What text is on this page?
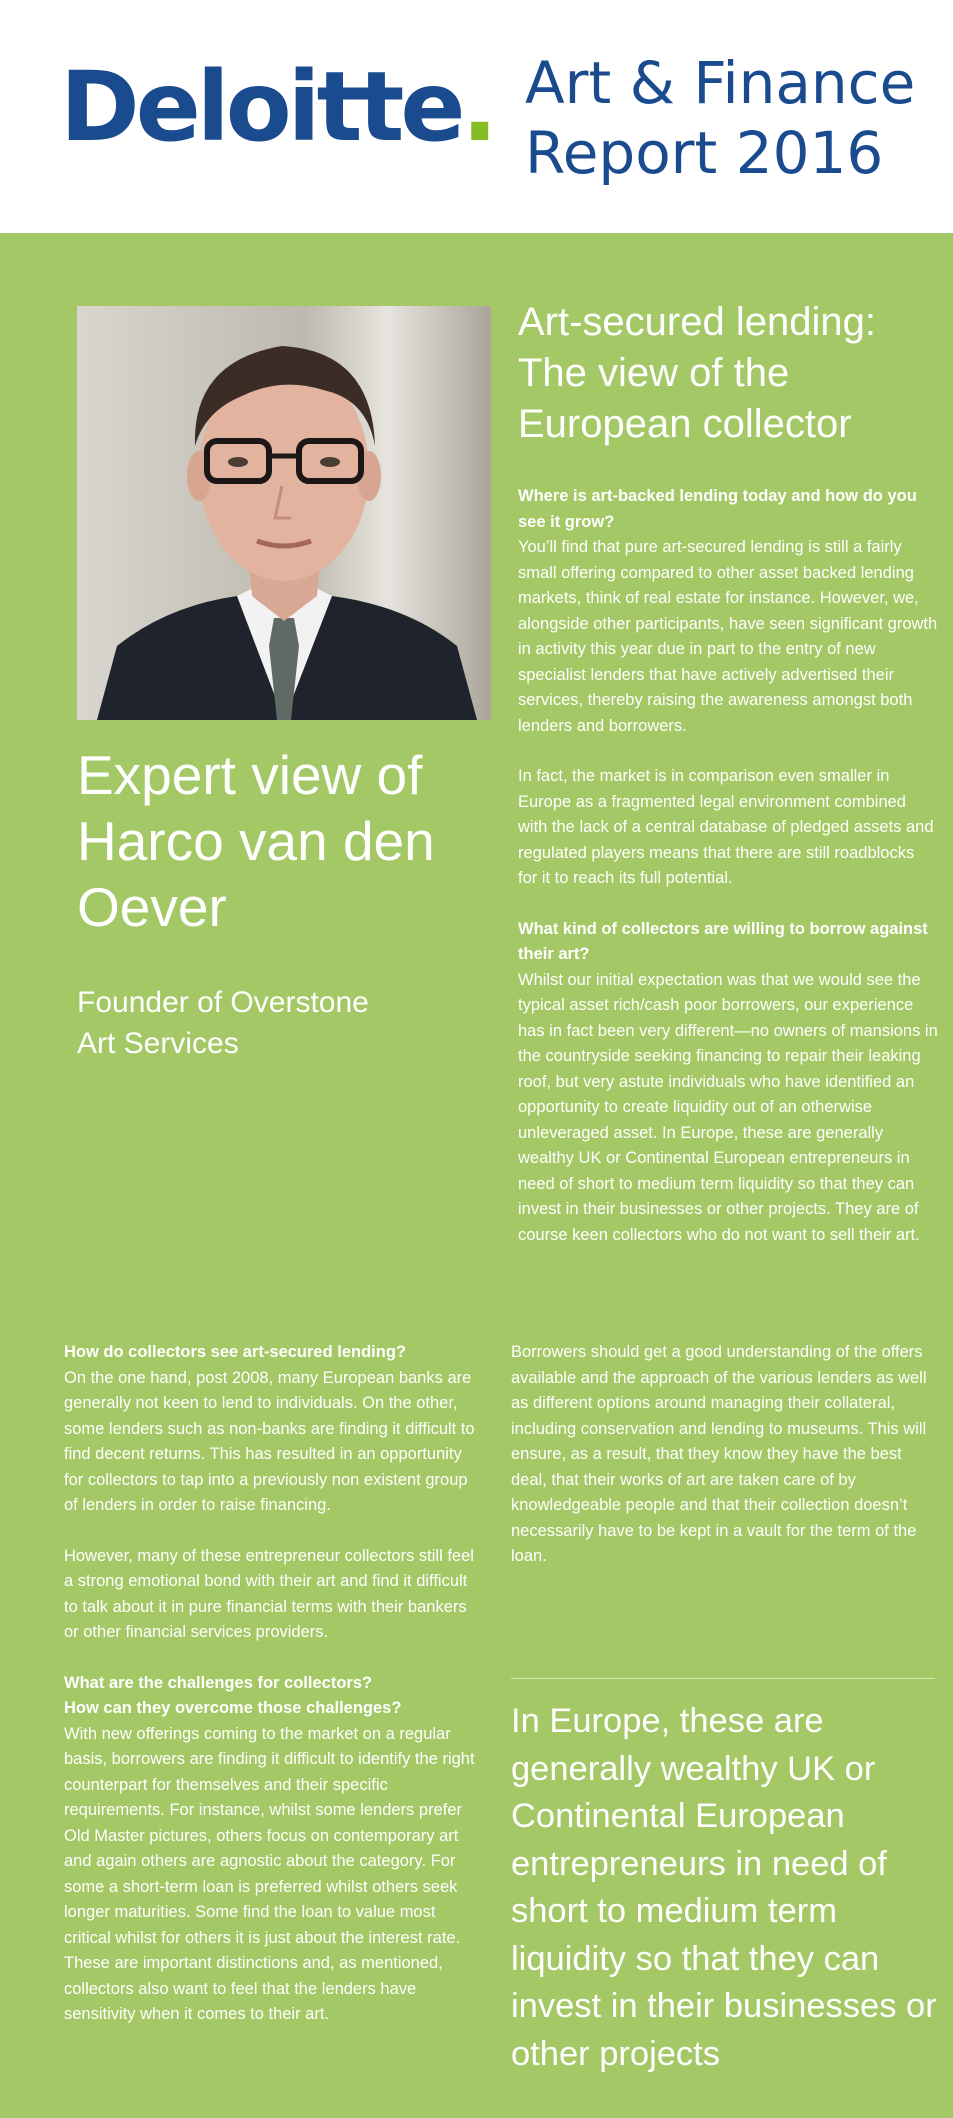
Deloitte. Art & Finance
Report 2016
Expert view of Harco van den Oever
Founder of Overstone
Art Services
Art-secured lending: The view of the European collector

Where is art-backed lending today and how do you see it grow?

You’ll find that pure art-secured lending is still a fairly small offering compared to other asset backed lending markets, think of real estate for instance. However, we, alongside other participants, have seen significant growth in activity this year due in part to the entry of new specialist lenders that have actively advertised their services, thereby raising the awareness amongst both lenders and borrowers.

In fact, the market is in comparison even smaller in Europe as a fragmented legal environment combined with the lack of a central database of pledged assets and regulated players means that there are still roadblocks for it to reach its full potential.

What kind of collectors are willing to borrow against their art?

Whilst our initial expectation was that we would see the typical asset rich/cash poor borrowers, our experience has in fact been very different—no owners of mansions in the countryside seeking financing to repair their leaking roof, but very astute individuals who have identified an opportunity to create liquidity out of an otherwise unleveraged asset. In Europe, these are generally wealthy UK or Continental European entrepreneurs in need of short to medium term liquidity so that they can invest in their businesses or other projects. They are of course keen collectors who do not want to sell their art.

How do collectors see art-secured lending?

On the one hand, post 2008, many European banks are generally not keen to lend to individuals. On the other, some lenders such as non-banks are finding it difficult to find decent returns. This has resulted in an opportunity for collectors to tap into a previously non existent group of lenders in order to raise financing.

However, many of these entrepreneur collectors still feel a strong emotional bond with their art and find it difficult to talk about it in pure financial terms with their bankers or other financial services providers.

What are the challenges for collectors?

How can they overcome those challenges?

With new offerings coming to the market on a regular basis, borrowers are finding it difficult to identify the right counterpart for themselves and their specific requirements. For instance, whilst some lenders prefer Old Master pictures, others focus on contemporary art and again others are agnostic about the category. For some a short-term loan is preferred whilst others seek longer maturities. Some find the loan to value most critical whilst for others it is just about the interest rate. These are important distinctions and, as mentioned, collectors also want to feel that the lenders have sensitivity when it comes to their art.

Borrowers should get a good understanding of the offers available and the approach of the various lenders as well as different options around managing their collateral, including conservation and lending to museums. This will ensure, as a result, that they know they have the best deal, that their works of art are taken care of by knowledgeable people and that their collection doesn’t necessarily have to be kept in a vault for the term of the loan.

In Europe, these are generally wealthy UK or Continental European entrepreneurs in need of short to medium term liquidity so that they can invest in their businesses or other projects
